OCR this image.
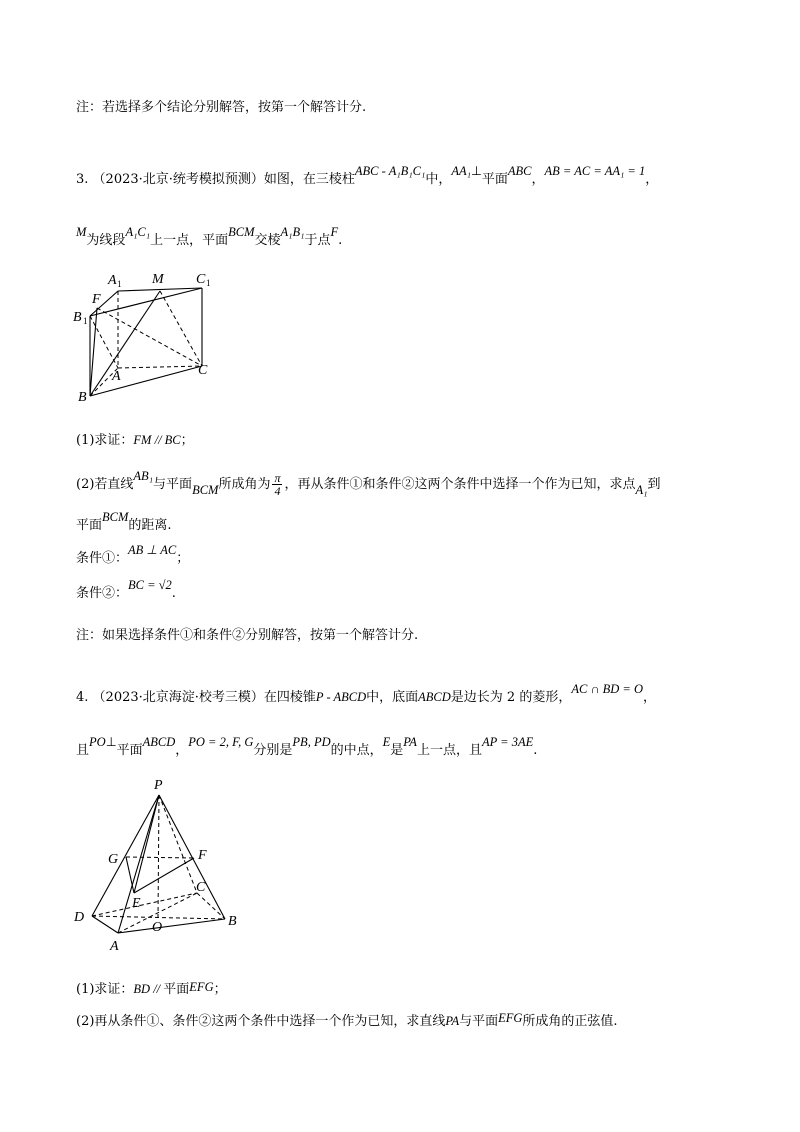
注：若选择多个结论分别解答，按第一个解答计分.
3. （2023·北京·统考模拟预测）如图，在三棱柱ABC - A₁B₁C₁中，AA₁⊥平面ABC，AB = AC = AA₁ = 1，
M为线段A₁C₁上一点，平面BCM交棱A₁B₁于点F.
A 1 M C 1
F
B 1
A	C
B
(1)求证：FM // BC；
(2)若直线AB₁与平面BCM所成角为 $\frac{\pi}{4}$ ，再从条件①和条件②这两个条件中选择一个作为已知，求点A₁到
平面BCM的距离.
条件①：AB ⊥ AC；
条件②：BC = √2.
注：如果选择条件①和条件②分别解答，按第一个解答计分.
4. （2023·北京海淀·校考三模）在四棱锥P - ABCD中，底面ABCD是边长为 2 的菱形，AC ∩ BD = O，
且PO⊥平面ABCD，PO = 2, F, G分别是PB, PD的中点，E是PA上一点，且AP = 3AE.
P
G	F
C
E
D
O	B
A
(1)求证：BD // 平面EFG；
(2)再从条件①、条件②这两个条件中选择一个作为已知，求直线PA与平面EFG所成角的正弦值.
